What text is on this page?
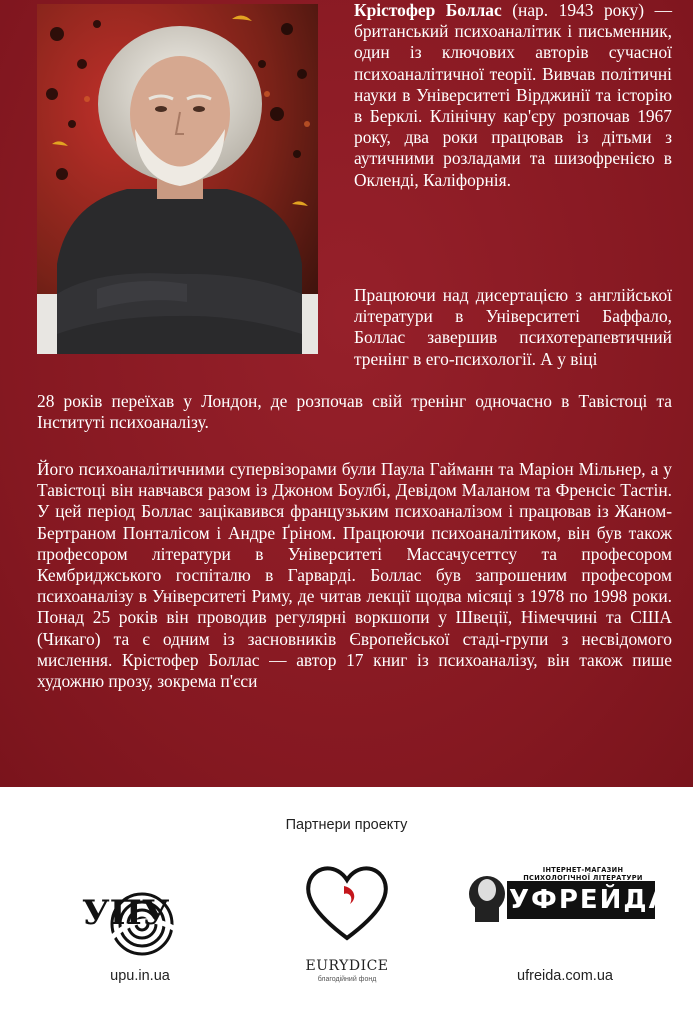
Крістофер Боллас (нар. 1943 року) — британський психоаналітик і письменник, один із ключових авторів сучасної психоаналітичної теорії. Вивчав політичні науки в Університеті Вірджинії та історію в Берклі. Клінічну кар'єру розпочав 1967 року, два роки працював із дітьми з аутичними розладами та шизофренією в Окленді, Каліфорнія.

Працюючи над дисертацією з англійської літератури в Університеті Баффало, Боллас завершив психотерапевтичний тренінг в его-психології. А у віці

28 років переїхав у Лондон, де розпочав свій тренінг одночасно в Тавістоці та Інституті психоаналізу.

Його психоаналітичними супервізорами були Паула Гайманн та Маріон Мільнер, а у Тавістоці він навчався разом із Джоном Боулбі, Девідом Маланом та Френсіс Тастін. У цей період Боллас зацікавився французьким психоаналізом і працював із Жаном-Бертраном Понталісом і Андре Ґріном. Працюючи психоаналітиком, він був також професором літератури в Університеті Массачусеттсу та професором Кембриджського госпіталю в Гарварді. Боллас був запрошеним професором психоаналізу в Університеті Риму, де читав лекції щодва місяці з 1978 по 1998 роки. Понад 25 років він проводив регулярні воркшопи у Швеції, Німеччині та США (Чикаго) та є одним із засновників Європейської стаді-групи з несвідомого мислення. Крістофер Боллас — автор 17 книг із психоаналізу, він також пише художню прозу, зокрема п'єси

Партнери проекту
УПУ
upu.in.ua
EURYDICE
благодійний фонд
ІНТЕРНЕТ-МАГАЗИН ПСИХОЛОГІЧНОЇ ЛІТЕРАТУРИ
УФРЕЙДА
ufreida.com.ua
